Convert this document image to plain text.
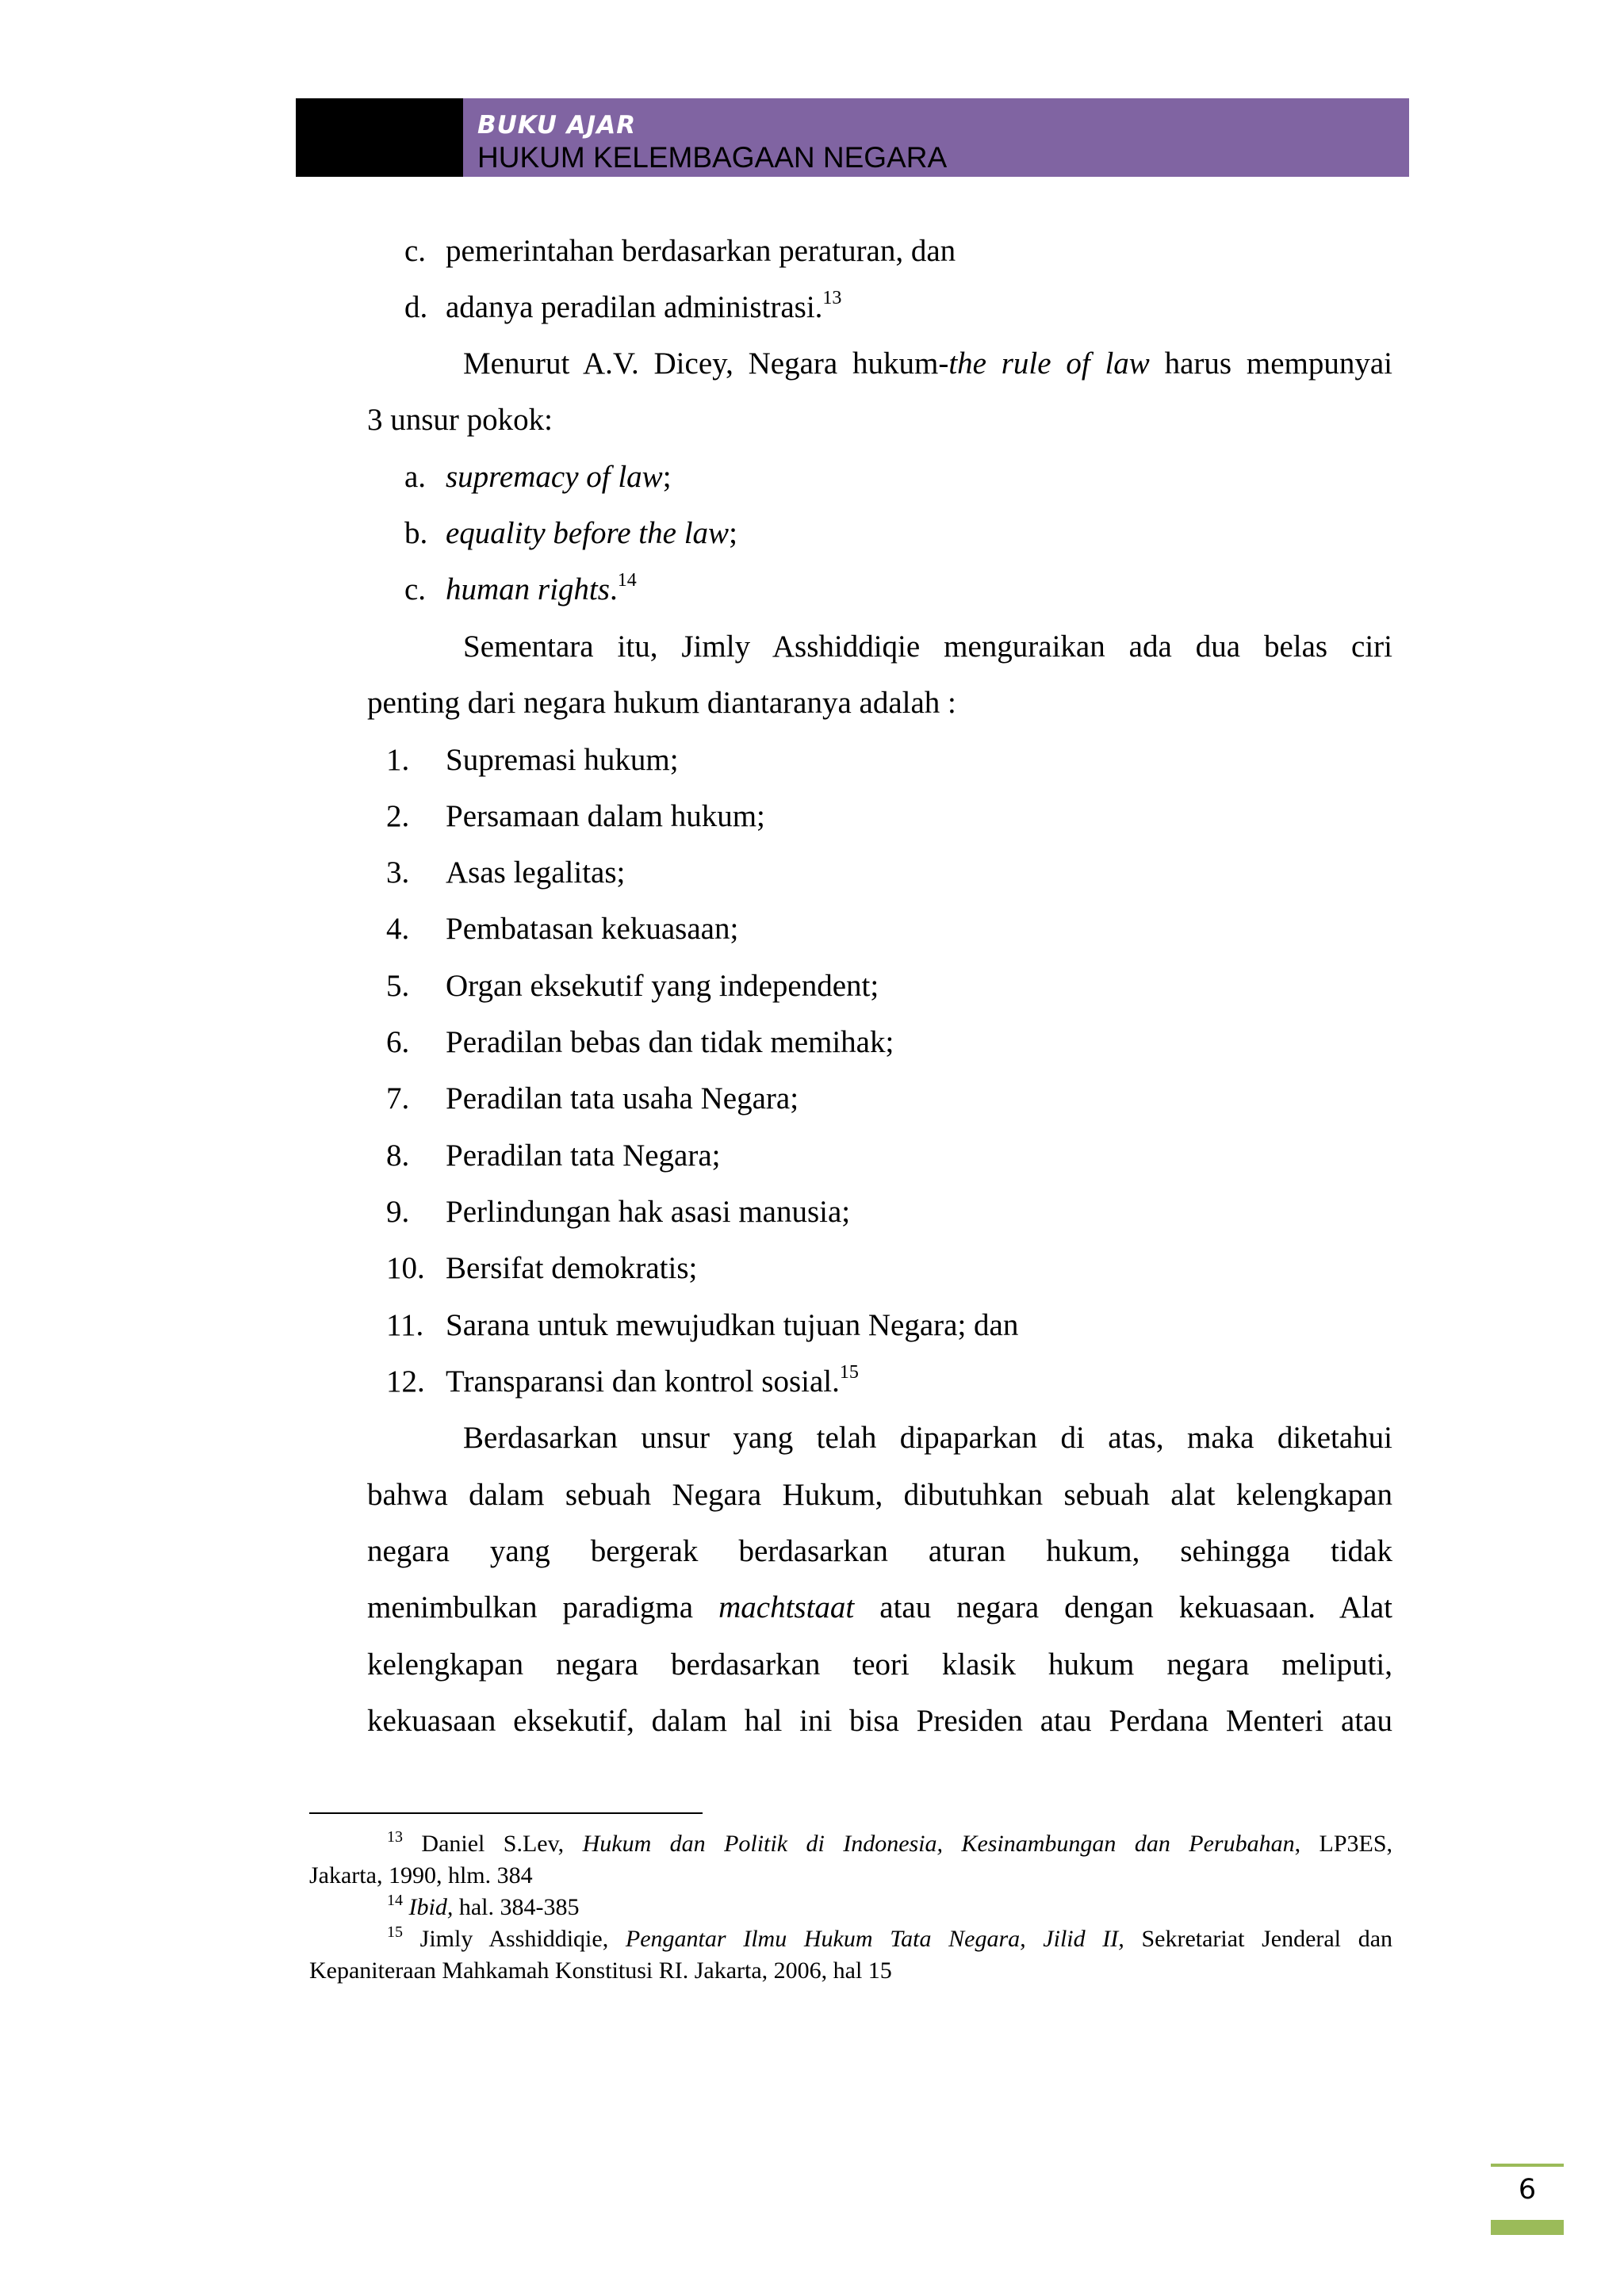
BUKU AJAR
HUKUM KELEMBAGAAN NEGARA
c. pemerintahan berdasarkan peraturan, dan
d. adanya peradilan administrasi.$^{13}$
Menurut A.V. Dicey, Negara hukum-the rule of law harus mempunyai
3 unsur pokok:
a. supremacy of law;
b. equality before the law;
c. human rights.$^{14}$
Sementara itu, Jimly Asshiddiqie menguraikan ada dua belas ciri
penting dari negara hukum diantaranya adalah :
1. Supremasi hukum;
2. Persamaan dalam hukum;
3. Asas legalitas;
4. Pembatasan kekuasaan;
5. Organ eksekutif yang independent;
6. Peradilan bebas dan tidak memihak;
7. Peradilan tata usaha Negara;
8. Peradilan tata Negara;
9. Perlindungan hak asasi manusia;
10. Bersifat demokratis;
11. Sarana untuk mewujudkan tujuan Negara; dan
12. Transparansi dan kontrol sosial.$^{15}$
Berdasarkan unsur yang telah dipaparkan di atas, maka diketahui
bahwa dalam sebuah Negara Hukum, dibutuhkan sebuah alat kelengkapan
negara yang bergerak berdasarkan aturan hukum, sehingga tidak
menimbulkan paradigma machtstaat atau negara dengan kekuasaan. Alat
kelengkapan negara berdasarkan teori klasik hukum negara meliputi,
kekuasaan eksekutif, dalam hal ini bisa Presiden atau Perdana Menteri atau
$^{13}$ Daniel S.Lev, Hukum dan Politik di Indonesia, Kesinambungan dan Perubahan, LP3ES,
Jakarta, 1990, hlm. 384
$^{14}$ Ibid, hal. 384-385
$^{15}$ Jimly Asshiddiqie, Pengantar Ilmu Hukum Tata Negara, Jilid II, Sekretariat Jenderal dan
Kepaniteraan Mahkamah Konstitusi RI. Jakarta, 2006, hal 15
6
